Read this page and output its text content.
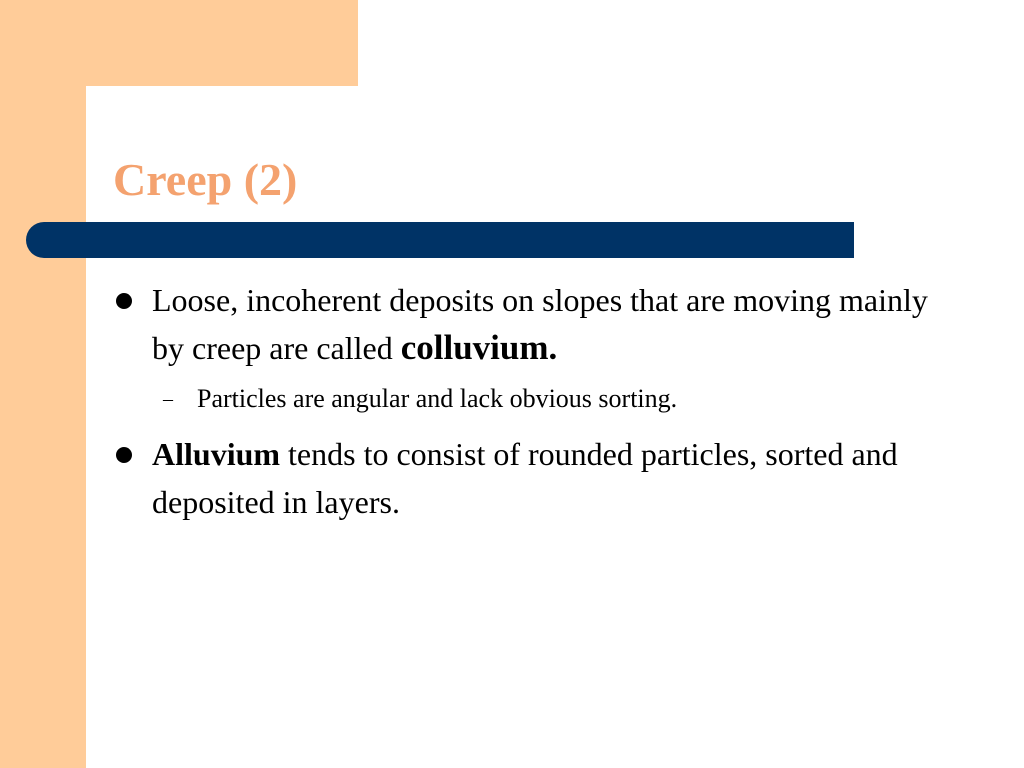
Creep (2)
Loose, incoherent deposits on slopes that are moving mainly by creep are called colluvium.
– Particles are angular and lack obvious sorting.
Alluvium tends to consist of rounded particles, sorted and deposited in layers.
